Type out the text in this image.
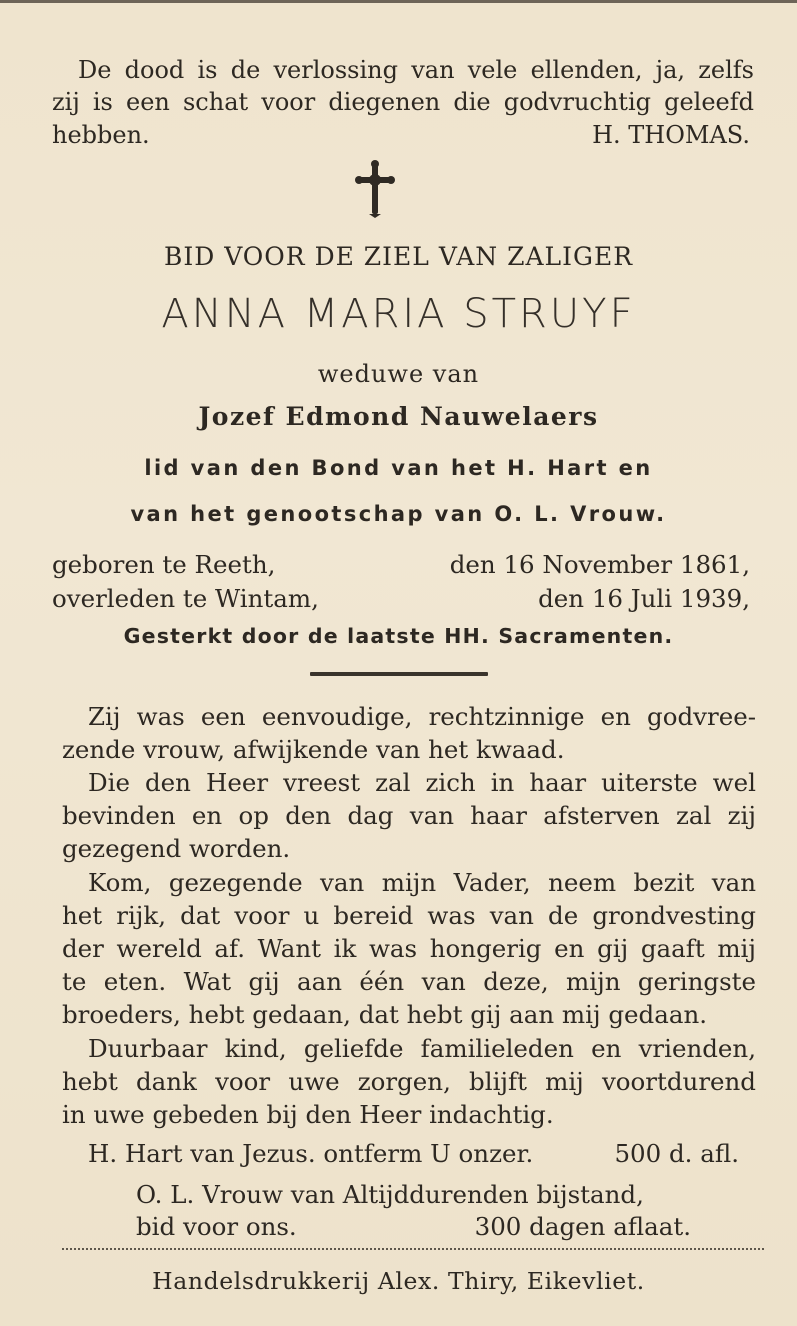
De dood is de verlossing van vele ellenden, ja, zelfs
zij is een schat voor diegenen die godvruchtig geleefd
hebben.	H. THOMAS.
BID VOOR DE ZIEL VAN ZALIGER
ANNA MARIA STRUYF
weduwe van
Jozef Edmond Nauwelaers
lid van den Bond van het H. Hart en
van het genootschap van O. L. Vrouw.
geboren te Reeth,	den 16 November 1861,
overleden te Wintam,	den 16 Juli 1939,
Gesterkt door de laatste HH. Sacramenten.
Zij was een eenvoudige, rechtzinnige en godvree-
zende vrouw, afwijkende van het kwaad.
Die den Heer vreest zal zich in haar uiterste wel
bevinden en op den dag van haar afsterven zal zij
gezegend worden.
Kom, gezegende van mijn Vader, neem bezit van
het rijk, dat voor u bereid was van de grondvesting
der wereld af. Want ik was hongerig en gij gaaft mij
te eten. Wat gij aan één van deze, mijn geringste
broeders, hebt gedaan, dat hebt gij aan mij gedaan.
Duurbaar kind, geliefde familieleden en vrienden,
hebt dank voor uwe zorgen, blijft mij voortdurend
in uwe gebeden bij den Heer indachtig.
H. Hart van Jezus. ontferm U onzer.	500 d. afl.
O. L. Vrouw van Altijddurenden bijstand,
bid voor ons.	300 dagen aflaat.
Handelsdrukkerij Alex. Thiry, Eikevliet.
